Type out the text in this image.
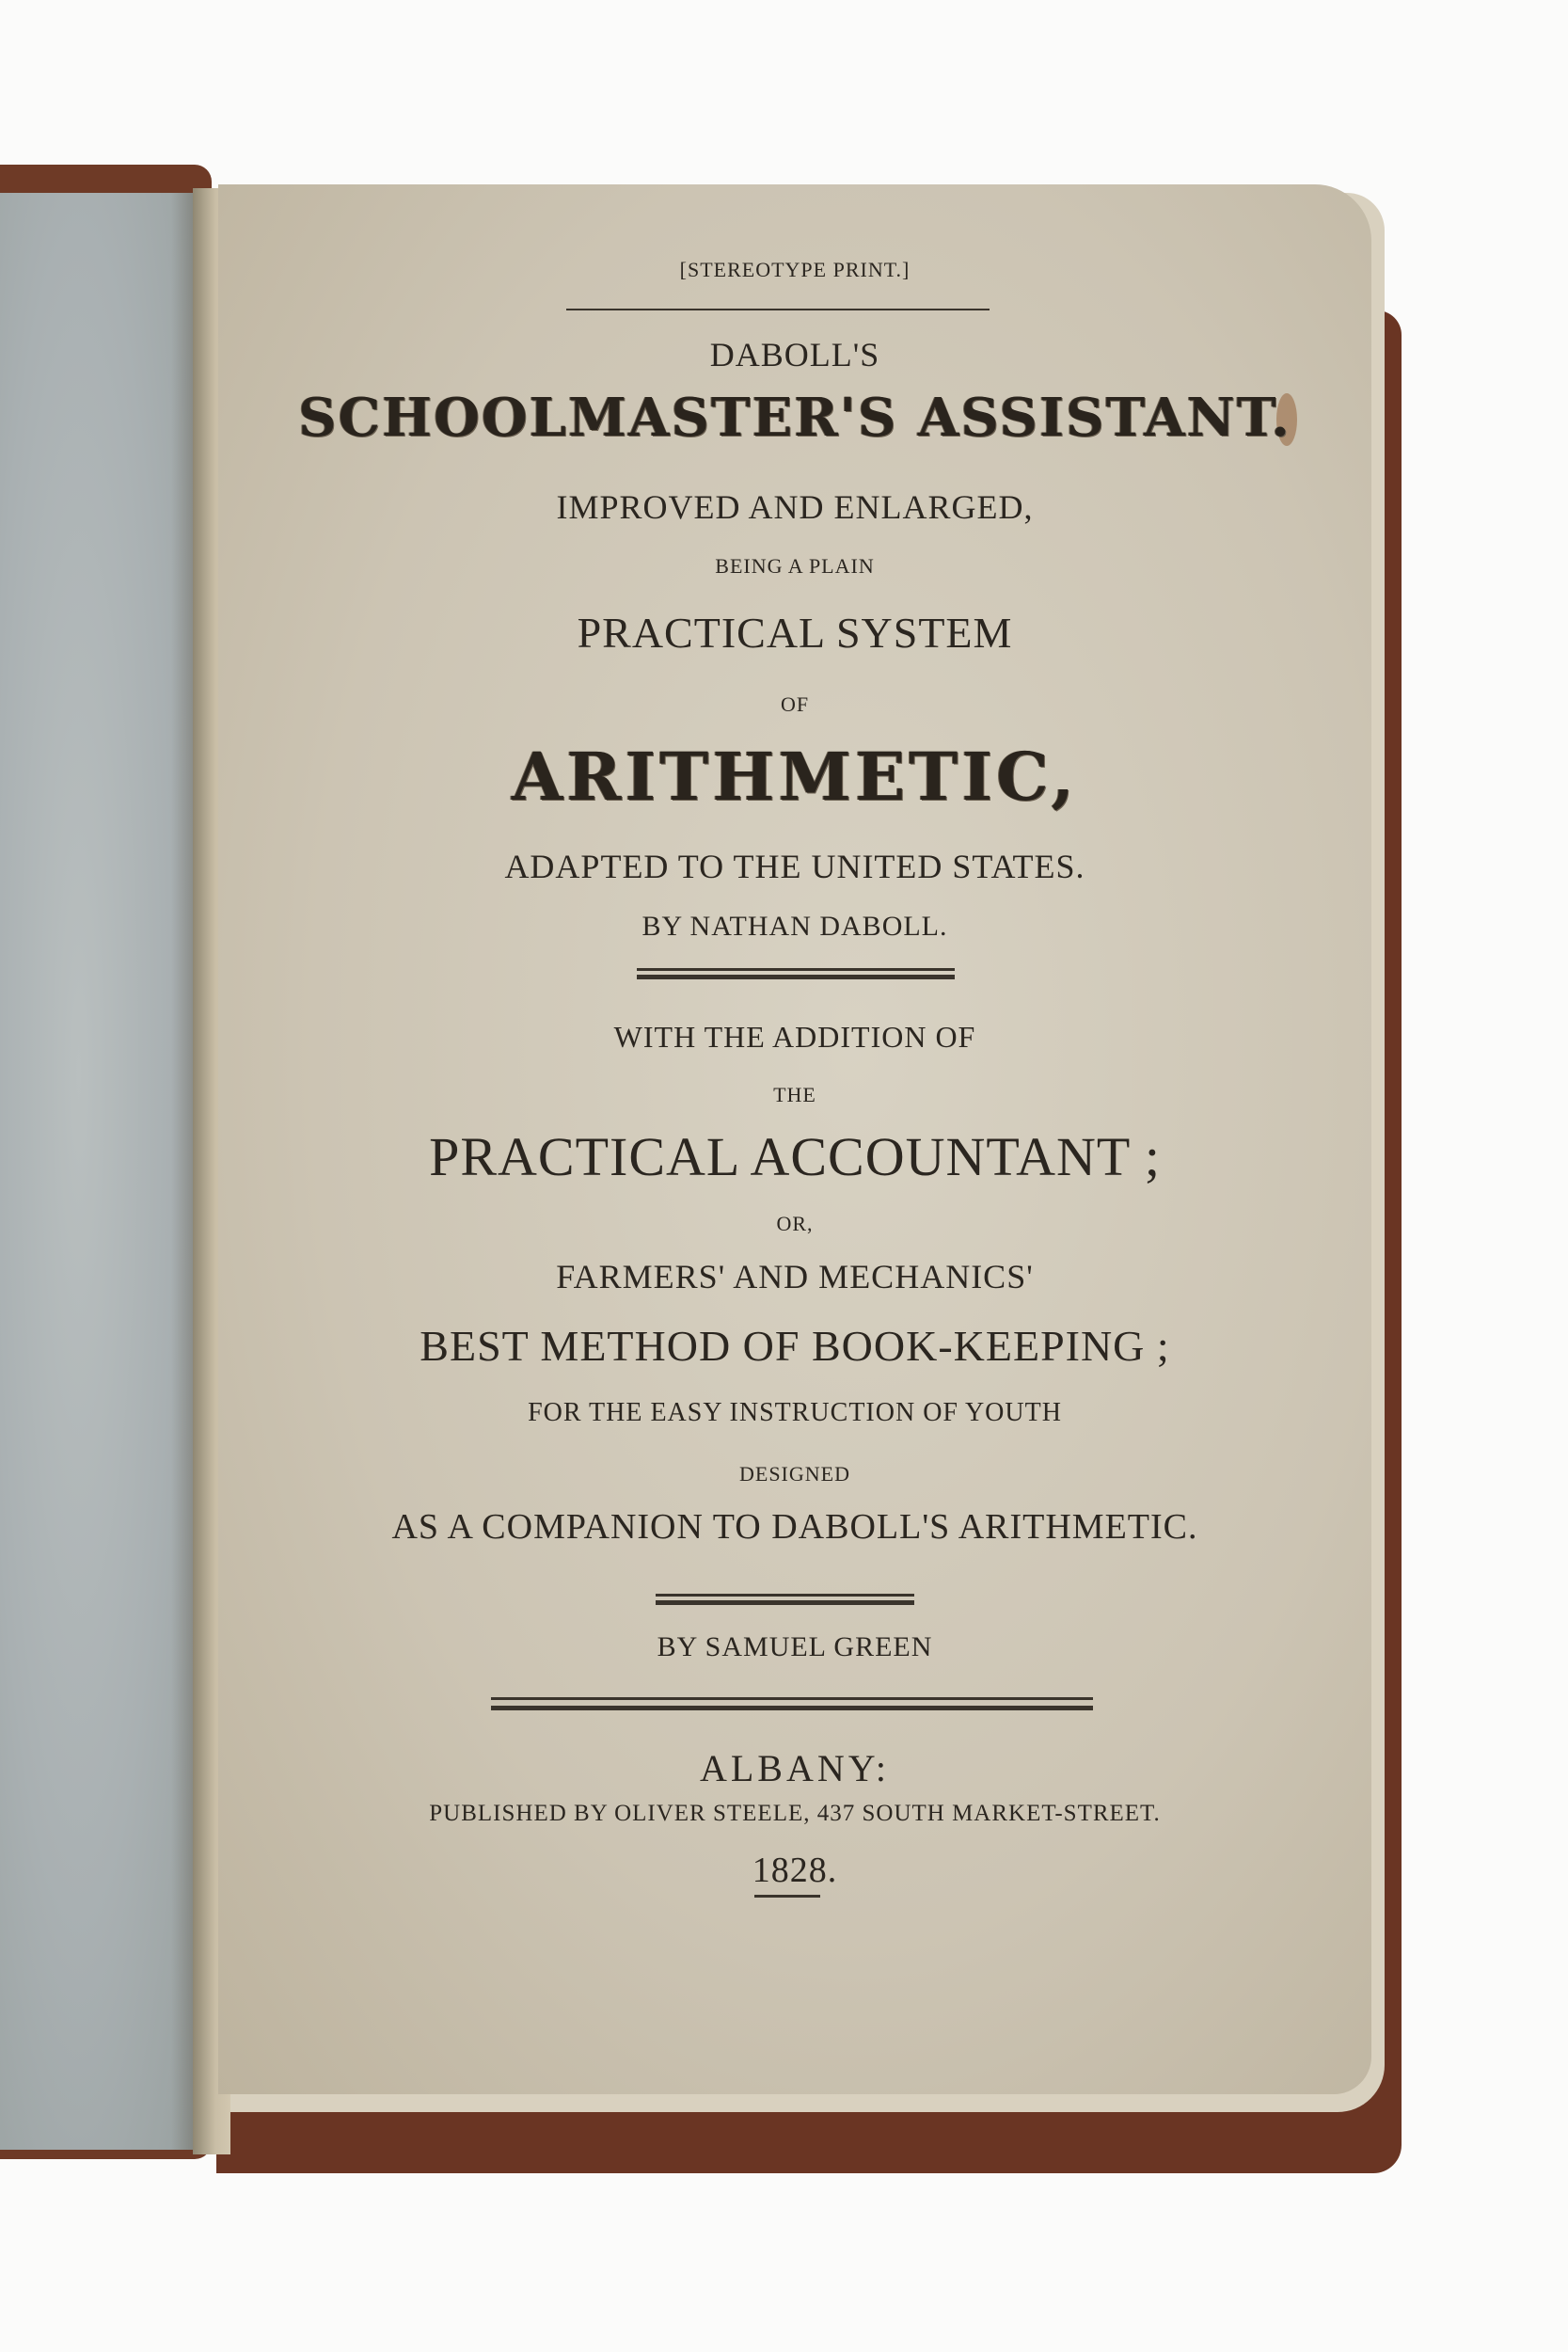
[STEREOTYPE PRINT.]
DABOLL'S
SCHOOLMASTER'S ASSISTANT.
IMPROVED AND ENLARGED,
BEING A PLAIN
PRACTICAL SYSTEM
OF
ARITHMETIC,
ADAPTED TO THE UNITED STATES.
BY NATHAN DABOLL.
WITH THE ADDITION OF
THE
PRACTICAL ACCOUNTANT ;
OR,
FARMERS' AND MECHANICS'
BEST METHOD OF BOOK-KEEPING ;
FOR THE EASY INSTRUCTION OF YOUTH
DESIGNED
AS A COMPANION TO DABOLL'S ARITHMETIC.
BY SAMUEL GREEN
ALBANY:
PUBLISHED BY OLIVER STEELE, 437 SOUTH MARKET-STREET.
1828.
